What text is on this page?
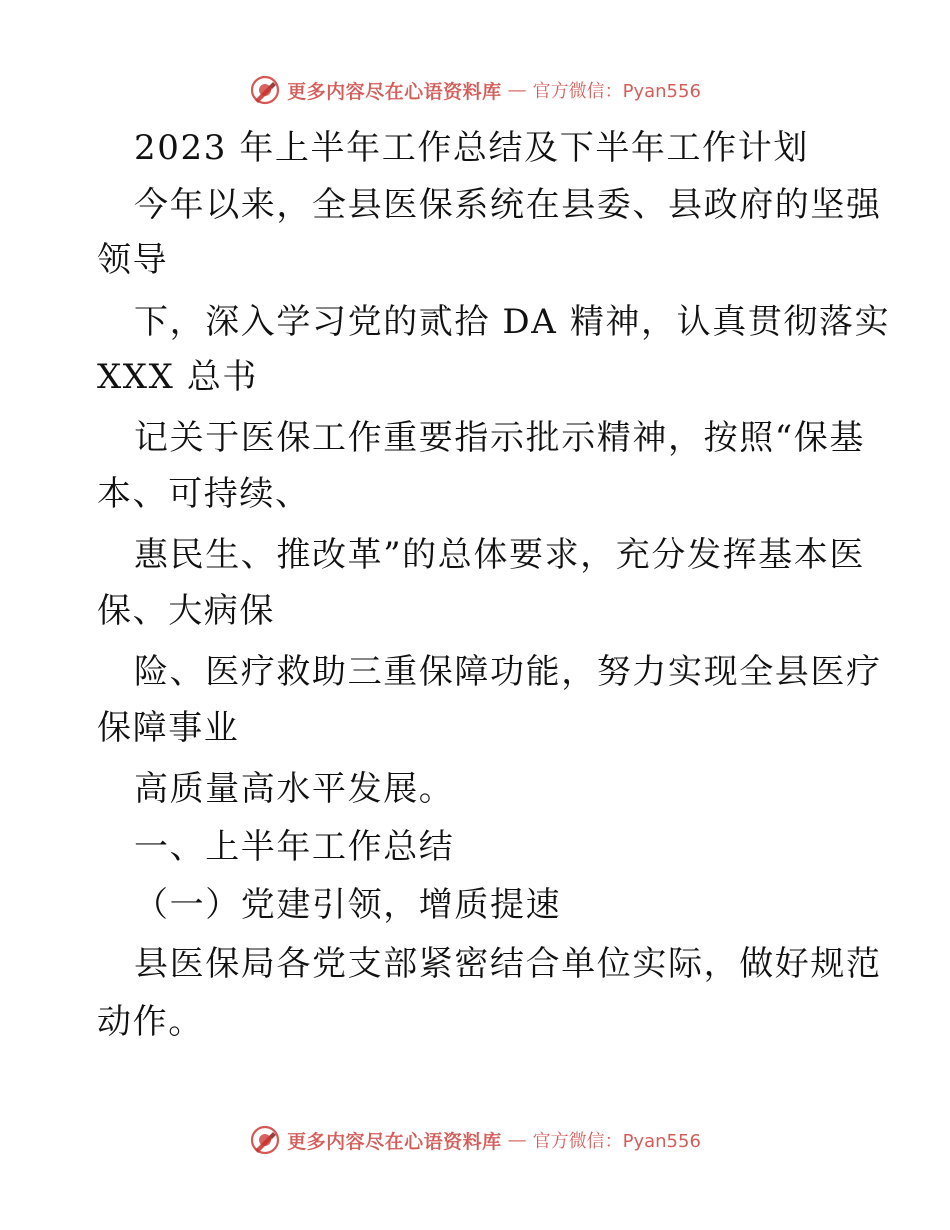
更多内容尽在心语资料库 — 官方微信：Pyan556

2023 年上半年工作总结及下半年工作计划

今年以来，全县医保系统在县委、县政府的坚强

领导

下，深入学习党的贰拾 DA 精神，认真贯彻落实

XXX 总书

记关于医保工作重要指示批示精神，按照“保基

本、可持续、

惠民生、推改革”的总体要求，充分发挥基本医

保、大病保

险、医疗救助三重保障功能，努力实现全县医疗

保障事业

高质量高水平发展。

一、上半年工作总结

（一）党建引领，增质提速

县医保局各党支部紧密结合单位实际，做好规范

动作。

更多内容尽在心语资料库 — 官方微信：Pyan556
